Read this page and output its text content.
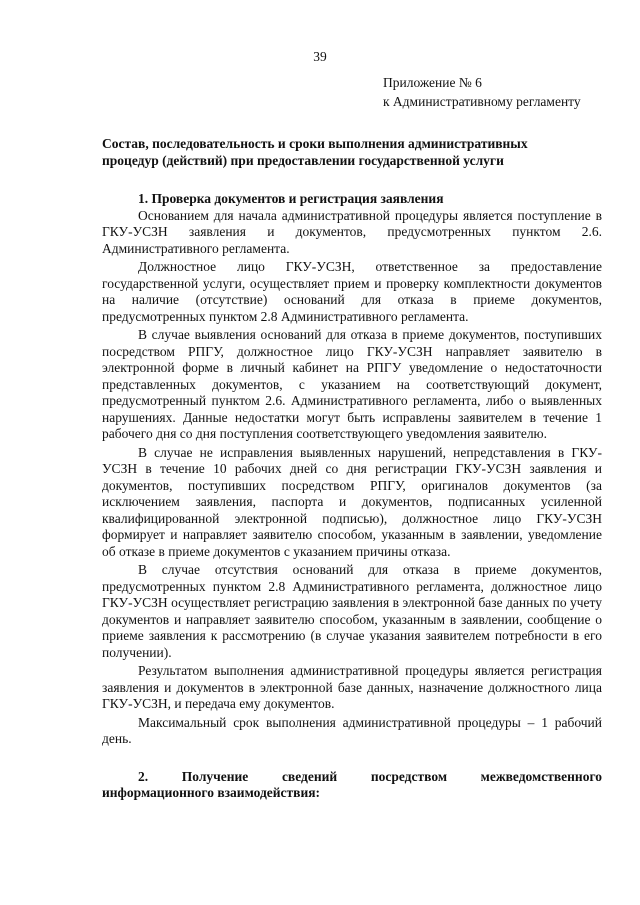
39
Приложение № 6
к Административному регламенту
Состав, последовательность и сроки выполнения административных
процедур (действий) при предоставлении государственной услуги
1. Проверка документов и регистрация заявления

Основанием для начала административной процедуры является поступление в ГКУ-УСЗН заявления и документов, предусмотренных пунктом 2.6. Административного регламента.

Должностное лицо ГКУ-УСЗН, ответственное за предоставление государственной услуги, осуществляет прием и проверку комплектности документов на наличие (отсутствие) оснований для отказа в приеме документов, предусмотренных пунктом 2.8 Административного регламента.

В случае выявления оснований для отказа в приеме документов, поступивших посредством РПГУ, должностное лицо ГКУ-УСЗН направляет заявителю в электронной форме в личный кабинет на РПГУ уведомление о недостаточности представленных документов, с указанием на соответствующий документ, предусмотренный пунктом 2.6. Административного регламента, либо о выявленных нарушениях. Данные недостатки могут быть исправлены заявителем в течение 1 рабочего дня со дня поступления соответствующего уведомления заявителю.

В случае не исправления выявленных нарушений, непредставления в ГКУ-УСЗН в течение 10 рабочих дней со дня регистрации ГКУ-УСЗН заявления и документов, поступивших посредством РПГУ, оригиналов документов (за исключением заявления, паспорта и документов, подписанных усиленной квалифицированной электронной подписью), должностное лицо ГКУ-УСЗН формирует и направляет заявителю способом, указанным в заявлении, уведомление об отказе в приеме документов с указанием причины отказа.

В случае отсутствия оснований для отказа в приеме документов, предусмотренных пунктом 2.8 Административного регламента, должностное лицо ГКУ-УСЗН осуществляет регистрацию заявления в электронной базе данных по учету документов и направляет заявителю способом, указанным в заявлении, сообщение о приеме заявления к рассмотрению (в случае указания заявителем потребности в его получении).

Результатом выполнения административной процедуры является регистрация заявления и документов в электронной базе данных, назначение должностного лица ГКУ-УСЗН, и передача ему документов.

Максимальный срок выполнения административной процедуры – 1 рабочий день.

2. Получение сведений посредством межведомственного
информационного взаимодействия:
